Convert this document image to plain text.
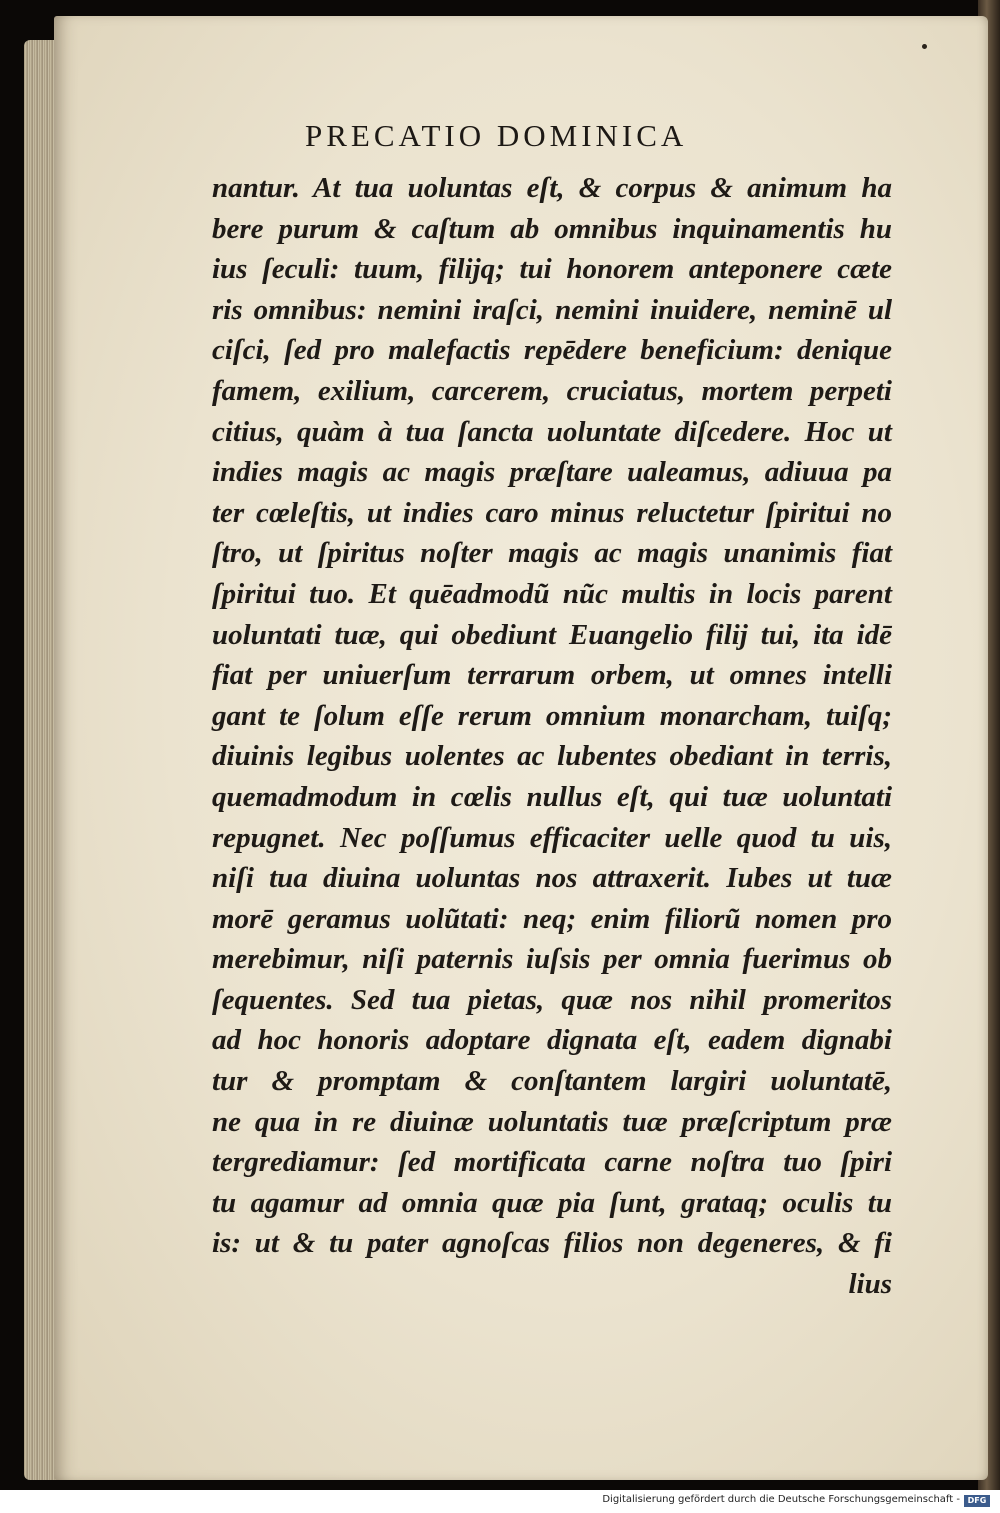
PRECATIO DOMINICA
nantur. At tua uoluntas eſt, & corpus & animum ha
bere purum & caſtum ab omnibus inquinamentis hu
ius ſeculi: tuum, filijq; tui honorem anteponere cæte
ris omnibus: nemini iraſci, nemini inuidere, neminē ul
ciſci, ſed pro malefactis repēdere beneficium: denique
famem, exilium, carcerem, cruciatus, mortem perpeti
citius, quàm à tua ſancta uoluntate diſcedere. Hoc ut
indies magis ac magis præſtare ualeamus, adiuua pa
ter cœleſtis, ut indies caro minus reluctetur ſpiritui no
ſtro, ut ſpiritus noſter magis ac magis unanimis fiat
ſpiritui tuo. Et quēadmodũ nũc multis in locis parent
uoluntati tuæ, qui obediunt Euangelio filij tui, ita idē
fiat per uniuerſum terrarum orbem, ut omnes intelli
gant te ſolum eſſe rerum omnium monarcham, tuiſq;
diuinis legibus uolentes ac lubentes obediant in terris,
quemadmodum in cœlis nullus eſt, qui tuæ uoluntati
repugnet. Nec poſſumus efficaciter uelle quod tu uis,
niſi tua diuina uoluntas nos attraxerit. Iubes ut tuæ
morē geramus uolũtati: neq; enim filiorũ nomen pro
merebimur, niſi paternis iuſsis per omnia fuerimus ob
ſequentes. Sed tua pietas, quæ nos nihil promeritos
ad hoc honoris adoptare dignata eſt, eadem dignabi
tur & promptam & conſtantem largiri uoluntatē,
ne qua in re diuinæ uoluntatis tuæ præſcriptum præ
tergrediamur: ſed mortificata carne noſtra tuo ſpiri
tu agamur ad omnia quæ pia ſunt, grataq; oculis tu
is: ut & tu pater agnoſcas filios non degeneres, & fi
lius
Digitalisierung gefördert durch die Deutsche Forschungsgemeinschaft - DFG
